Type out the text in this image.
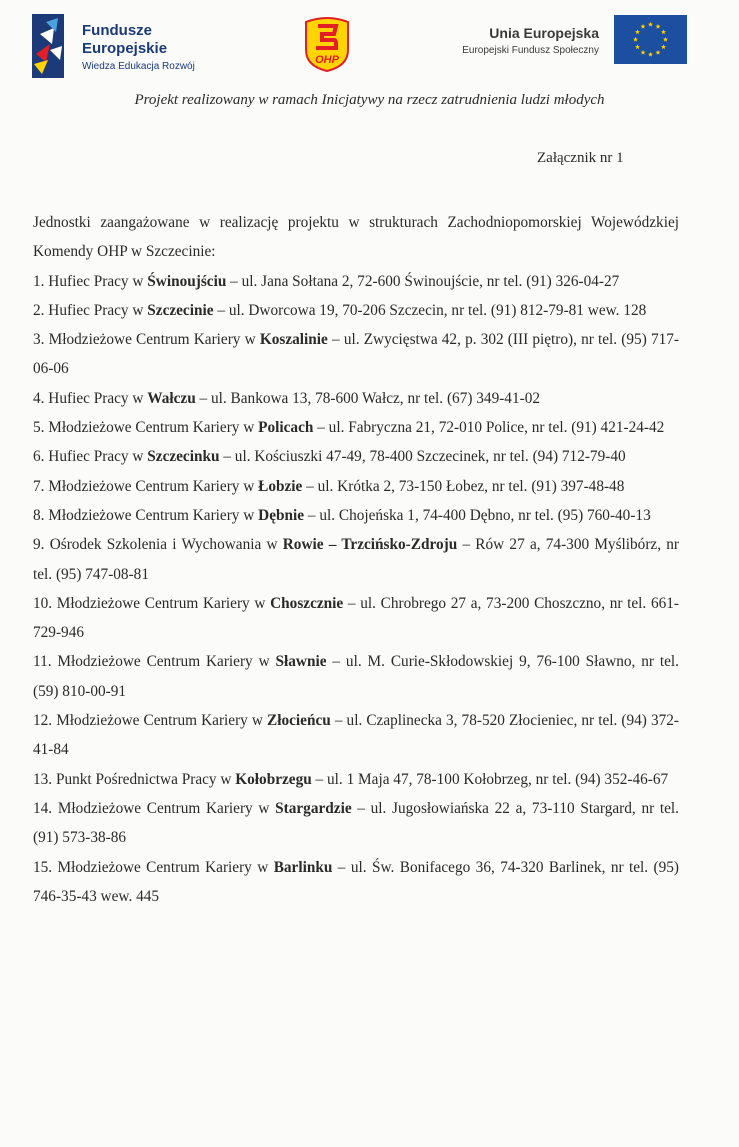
Fundusze
Europejskie
Wiedza Edukacja Rozwój
OHP
Unia Europejska
Europejski Fundusz Społeczny
Projekt realizowany w ramach Inicjatywy na rzecz zatrudnienia ludzi młodych
Załącznik nr 1

Jednostki zaangażowane w realizację projektu w strukturach Zachodniopomorskiej Wojewódzkiej Komendy OHP w Szczecinie:

1. Hufiec Pracy w Świnoujściu – ul. Jana Sołtana 2, 72-600 Świnoujście, nr tel. (91) 326-04-27

2. Hufiec Pracy w Szczecinie – ul. Dworcowa 19, 70-206 Szczecin, nr tel. (91) 812-79-81 wew. 128

3. Młodzieżowe Centrum Kariery w Koszalinie – ul. Zwycięstwa 42, p. 302 (III piętro), nr tel. (95) 717-06-06

4. Hufiec Pracy w Wałczu – ul. Bankowa 13, 78-600 Wałcz, nr tel. (67) 349-41-02

5. Młodzieżowe Centrum Kariery w Policach – ul. Fabryczna 21, 72-010 Police, nr tel. (91) 421-24-42

6. Hufiec Pracy w Szczecinku – ul. Kościuszki 47-49, 78-400 Szczecinek, nr tel. (94) 712-79-40

7. Młodzieżowe Centrum Kariery w Łobzie – ul. Krótka 2, 73-150 Łobez, nr tel. (91) 397-48-48

8. Młodzieżowe Centrum Kariery w Dębnie – ul. Chojeńska 1, 74-400 Dębno, nr tel. (95) 760-40-13

9. Ośrodek Szkolenia i Wychowania w Rowie – Trzcińsko-Zdroju – Rów 27 a, 74-300 Myślibórz, nr tel. (95) 747-08-81

10. Młodzieżowe Centrum Kariery w Choszcznie – ul. Chrobrego 27 a, 73-200 Choszczno, nr tel. 661-729-946

11. Młodzieżowe Centrum Kariery w Sławnie – ul. M. Curie-Skłodowskiej 9, 76-100 Sławno, nr tel. (59) 810-00-91

12. Młodzieżowe Centrum Kariery w Złocieńcu – ul. Czaplinecka 3, 78-520 Złocieniec, nr tel. (94) 372-41-84

13. Punkt Pośrednictwa Pracy w Kołobrzegu – ul. 1 Maja 47, 78-100 Kołobrzeg, nr tel. (94) 352-46-67

14. Młodzieżowe Centrum Kariery w Stargardzie – ul. Jugosłowiańska 22 a, 73-110 Stargard, nr tel. (91) 573-38-86

15. Młodzieżowe Centrum Kariery w Barlinku – ul. Św. Bonifacego 36, 74-320 Barlinek, nr tel. (95) 746-35-43 wew. 445
